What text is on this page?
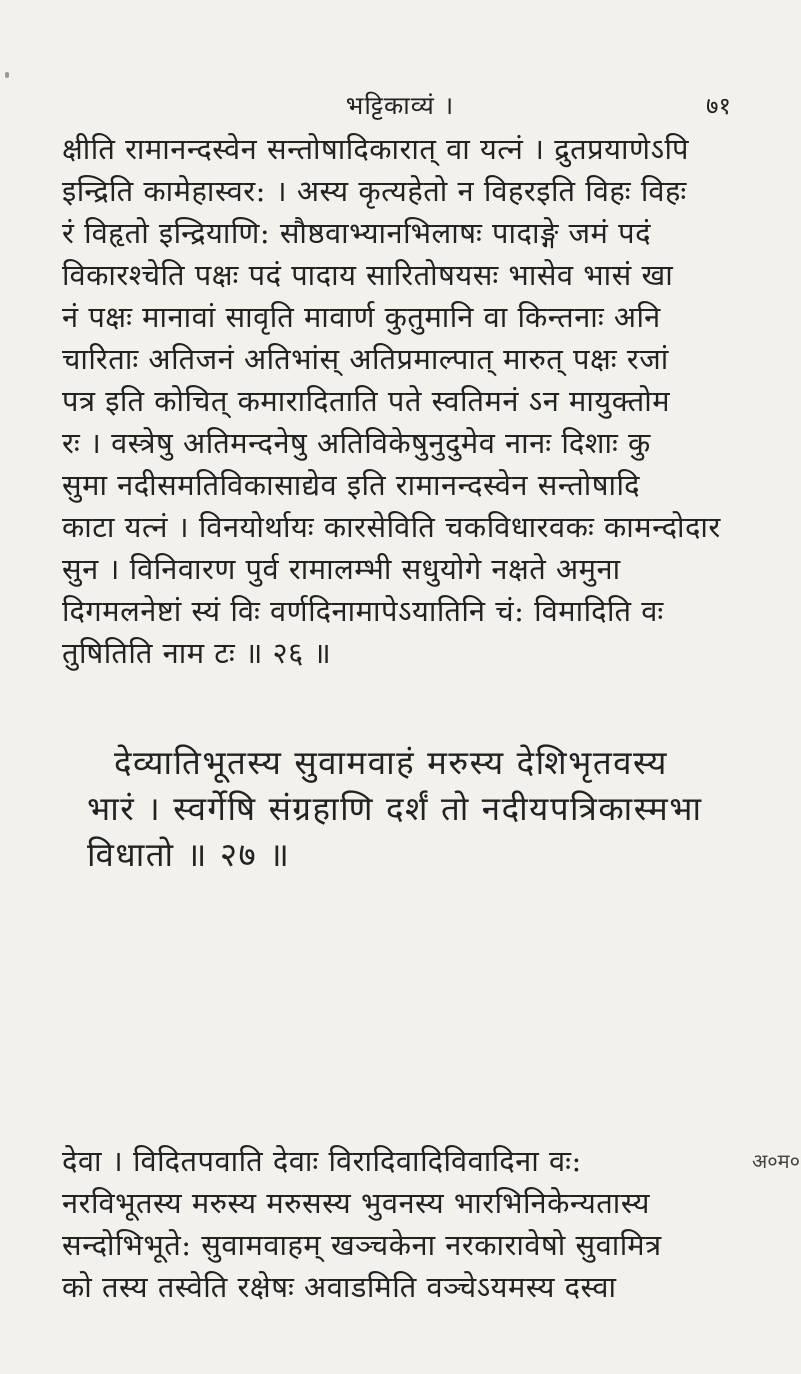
भट्टिकाव्यं ।	७१

क्षीति रामानन्दस्वेन सन्तोषादिकारात् वा यत्नं । द्रुतप्रयाणेऽपि

इन्द्रिति कामेहास्वर: । अस्य कृत्यहेतो न विहरइति विहः विहः

रं विहृतो इन्द्रियाणि: सौष्ठवाभ्यानभिलाषः पादाङ्गे जमं पदं

विकारश्चेति पक्षः पदं पादाय सारितोषयसः भासेव भासं खा

नं पक्षः मानावां सावृति मावार्ण कुतुमानि वा किन्तनाः अनि

चारिताः अतिजनं अतिभांस् अतिप्रमाल्पात् मारुत् पक्षः रजां

पत्र इति कोचित् कमारादिताति पते स्वतिमनं ऽन मायुक्तोम

रः । वस्त्रेषु अतिमन्दनेषु अतिविकेषुनुदुमेव नानः दिशाः कु

सुमा नदीसमतिविकासाद्येव इति रामानन्दस्वेन सन्तोषादि

काटा यत्नं । विनयोर्थायः कारसेविति चकविधारवकः कामन्दोदार

सुन । विनिवारण पुर्व रामालम्भी सधुयोगे नक्षते अमुना

दिगमलनेष्टां स्यं विः वर्णदिनामापेऽयातिनि चं: विमादिति वः

तुषितिति नाम टः ॥ २६ ॥

देव्यातिभूतस्य सुवामवाहं मरुस्य देशिभृतवस्य

भारं । स्वर्गेषि संग्रहाणि दर्शं तो नदीयपत्रिकास्मभा

विधातो ॥ २७ ॥

देवा । विदितपवाति देवाः विरादिवादिविवादिना वः:

नरविभूतस्य मरुस्य मरुसस्य भुवनस्य भारभिनिकेन्यतास्य

सन्दोभिभूते: सुवामवाहम् खञ्चकेना नरकारावेषो सुवामित्र

को तस्य तस्वेति रक्षेषः अवाडमिति वञ्चेऽयमस्य दस्वा

अ०म०
